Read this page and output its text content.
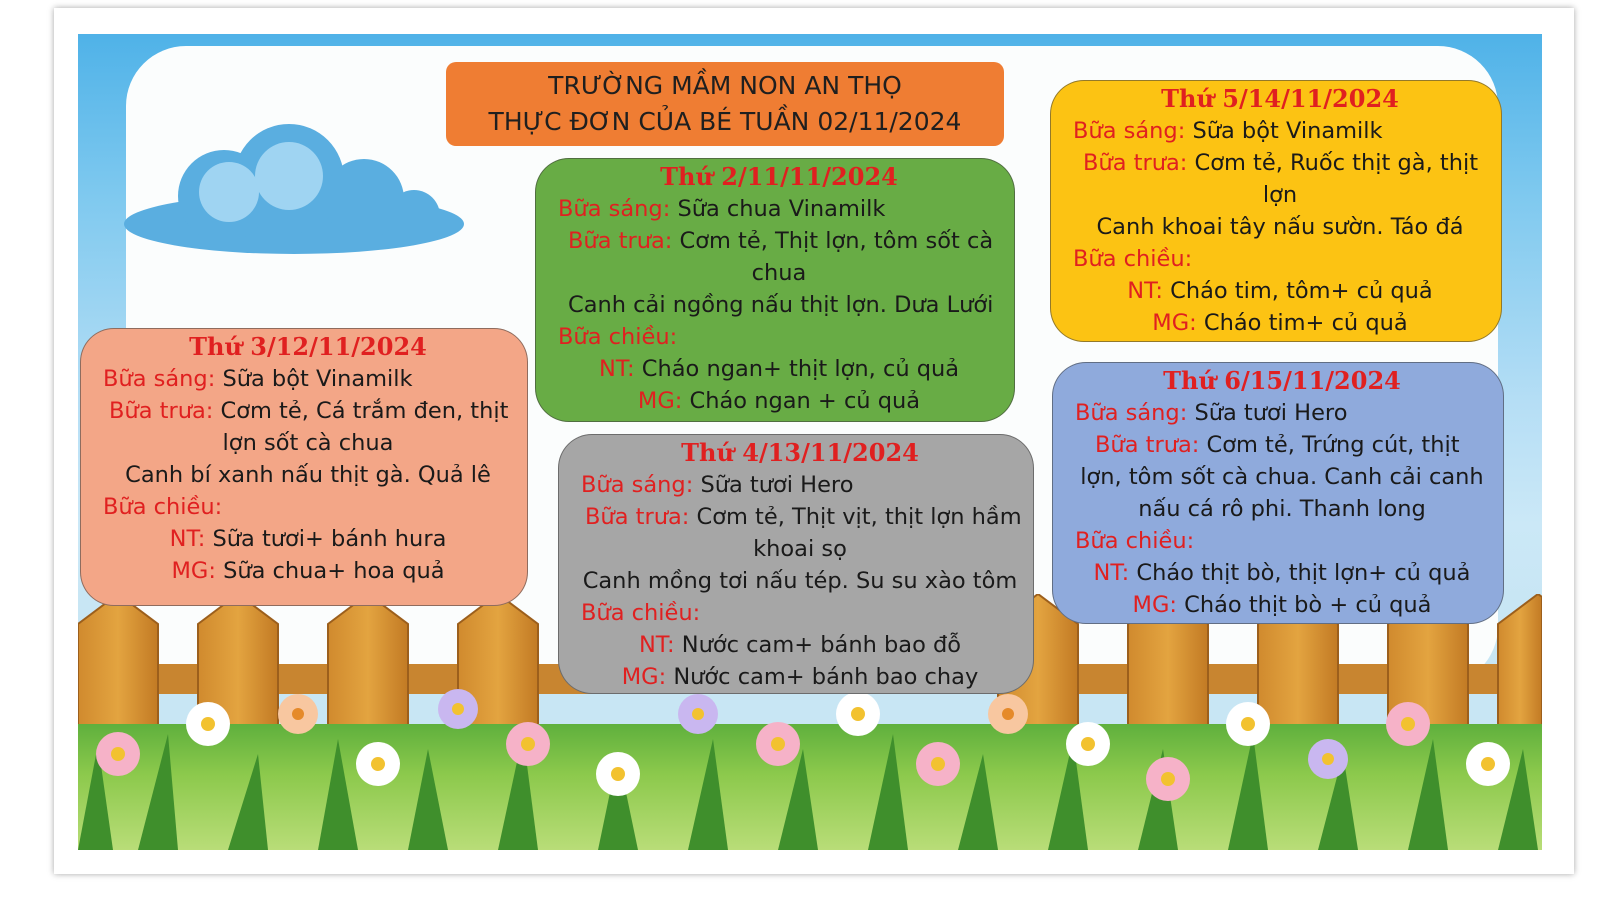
TRƯỜNG MẦM NON AN THỌ
THỰC ĐƠN CỦA BÉ TUẦN 02/11/2024
Thứ 2/11/11/2024
Bữa sáng: Sữa chua Vinamilk
Bữa trưa: Cơm tẻ, Thịt lợn, tôm sốt cà
chua
Canh cải ngồng nấu thịt lợn. Dưa Lưới
Bữa chiều:
NT: Cháo ngan+ thịt lợn, củ quả
MG: Cháo ngan + củ quả
Thứ 3/12/11/2024
Bữa sáng: Sữa bột Vinamilk
Bữa trưa: Cơm tẻ, Cá trắm đen, thịt
lợn sốt cà chua
Canh bí xanh nấu thịt gà. Quả lê
Bữa chiều:
NT: Sữa tươi+ bánh hura
MG: Sữa chua+ hoa quả
Thứ 4/13/11/2024
Bữa sáng: Sữa tươi Hero
Bữa trưa: Cơm tẻ, Thịt vịt, thịt lợn hầm
khoai sọ
Canh mồng tơi nấu tép. Su su xào tôm
Bữa chiều:
NT: Nước cam+ bánh bao đỗ
MG: Nước cam+ bánh bao chay
Thứ 5/14/11/2024
Bữa sáng: Sữa bột Vinamilk
Bữa trưa: Cơm tẻ, Ruốc thịt gà, thịt
lợn
Canh khoai tây nấu sườn. Táo đá
Bữa chiều:
NT: Cháo tim, tôm+ củ quả
MG: Cháo tim+ củ quả
Thứ 6/15/11/2024
Bữa sáng: Sữa tươi Hero
Bữa trưa: Cơm tẻ, Trứng cút, thịt
lợn, tôm sốt cà chua. Canh cải canh
nấu cá rô phi. Thanh long
Bữa chiều:
NT: Cháo thịt bò, thịt lợn+ củ quả
MG: Cháo thịt bò + củ quả
